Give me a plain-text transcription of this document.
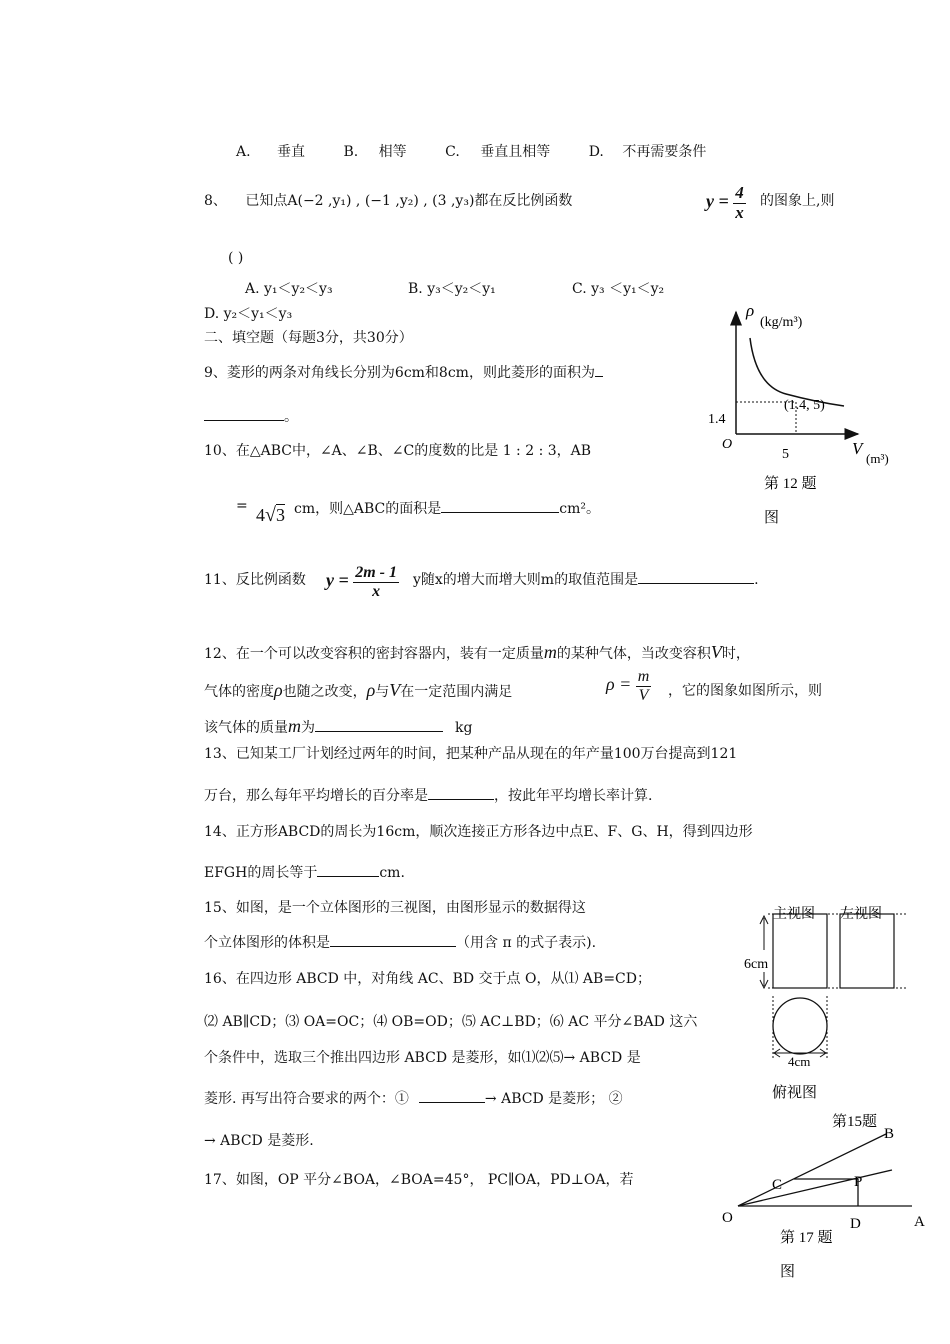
A. 垂直	B. 相等	C. 垂直且相等	D. 不再需要条件
8、 已知点A(−2 ,y₁) , (−1 ,y₂) , (3 ,y₃)都在反比例函数	$y = \frac{4}{x}$ 的图象上,则
( )
A. y₁＜y₂＜y₃	B. y₃＜y₂＜y₁	C. y₃ ＜y₁＜y₂
D. y₂＜y₁＜y₃
二、填空题（每题3分，共30分）
9、菱形的两条对角线长分别为6cm和8cm，则此菱形的面积为
。
10、在△ABC中，∠A、∠B、∠C的度数的比是 1 : 2 : 3，AB
= 4√3 cm，则△ABC的面积是	cm²。
11、反比例函数 $y = \frac{2m - 1}{x}$ y随x的增大而增大则m的取值范围是	.
12、在一个可以改变容积的密封容器内，装有一定质量m的某种气体，当改变容积V时，
气体的密度ρ也随之改变，ρ与V在一定范围内满足	$\rho = \frac{m}{V}$ ，它的图象如图所示，则
该气体的质量m为	kg
13、已知某工厂计划经过两年的时间，把某种产品从现在的年产量100万台提高到121
万台，那么每年平均增长的百分率是	，按此年平均增长率计算.
14、正方形ABCD的周长为16cm，顺次连接正方形各边中点E、F、G、H，得到四边形
EFGH的周长等于	cm.
15、如图，是一个立体图形的三视图，由图形显示的数据得这
个立体图形的体积是	（用含 π 的式子表示).
16、在四边形 ABCD 中，对角线 AC、BD 交于点 O，从⑴ AB=CD；
⑵ AB∥CD；⑶ OA=OC；⑷ OB=OD；⑸ AC⊥BD；⑹ AC 平分∠BAD 这六
个条件中，选取三个推出四边形 ABCD 是菱形，如⑴⑵⑸→ ABCD 是
菱形. 再写出符合要求的两个：①	→ ABCD 是菱形； ②
→ ABCD 是菱形.
17、如图，OP 平分∠BOA，∠BOA=45°， PC∥OA，PD⊥OA，若
ρ
(kg/m³)
(1.4, 5)
1.4
O
5	V
(m³)
第 12 题
图
主视图 左视图
6cm
4cm
俯视图
第15题
B
C	P
O	D	A
第 17 题
图
